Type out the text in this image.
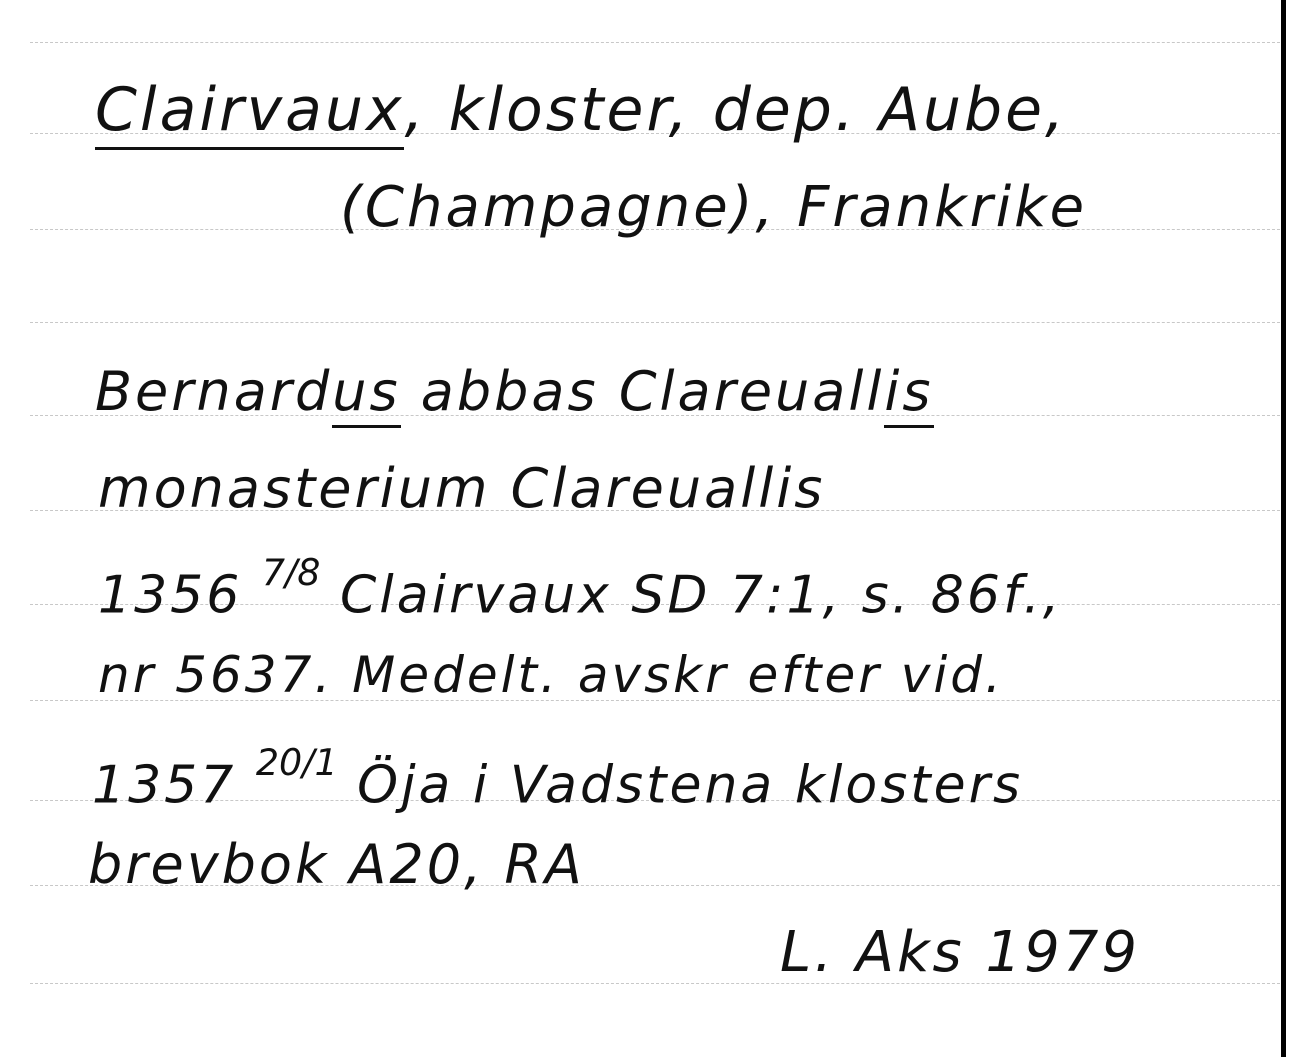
Clairvaux, kloster, dep. Aube,
(Champagne), Frankrike
Bernardus abbas Clareuallis
monasterium Clareuallis
1356 $^{7/8}$ Clairvaux SD 7:1, s. 86f.,
nr 5637. Medelt. avskr efter vid.
1357 $^{20/1}$ Öja i Vadstena klosters
brevbok A20, RA
L. Aks 1979
